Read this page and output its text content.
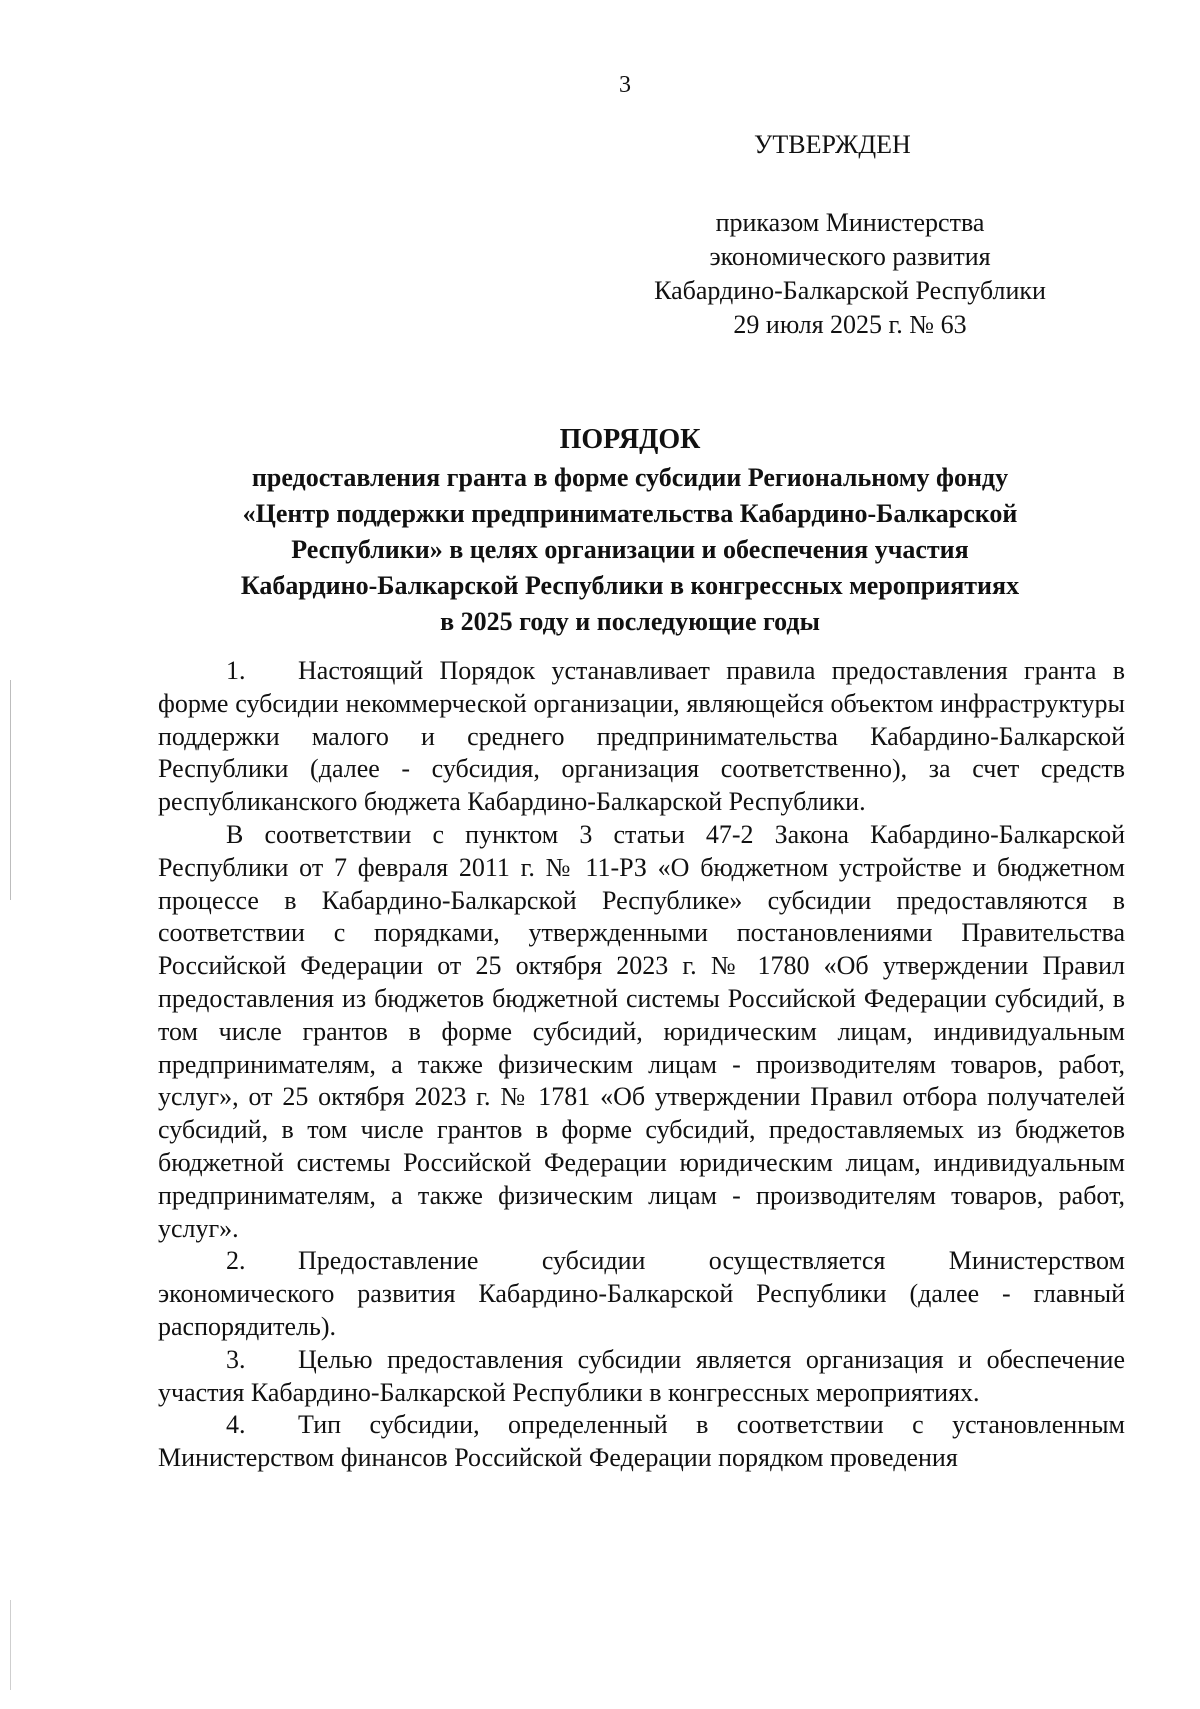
3
УТВЕРЖДЕН
приказом Министерства
экономического развития
Кабардино-Балкарской Республики
29 июля 2025 г. № 63
ПОРЯДОК
предоставления гранта в форме субсидии Региональному фонду
«Центр поддержки предпринимательства Кабардино-Балкарской
Республики» в целях организации и обеспечения участия
Кабардино-Балкарской Республики в конгрессных мероприятиях
в 2025 году и последующие годы

1. Настоящий Порядок устанавливает правила предоставления гранта в форме субсидии некоммерческой организации, являющейся объектом инфраструктуры поддержки малого и среднего предпринимательства Кабардино-Балкарской Республики (далее - субсидия, организация соответственно), за счет средств республиканского бюджета Кабардино-Балкарской Республики.

В соответствии с пунктом 3 статьи 47-2 Закона Кабардино-Балкарской Республики от 7 февраля 2011 г. № 11-РЗ «О бюджетном устройстве и бюджетном процессе в Кабардино-Балкарской Республике» субсидии предоставляются в соответствии с порядками, утвержденными постановлениями Правительства Российской Федерации от 25 октября 2023 г. № 1780 «Об утверждении Правил предоставления из бюджетов бюджетной системы Российской Федерации субсидий, в том числе грантов в форме субсидий, юридическим лицам, индивидуальным предпринимателям, а также физическим лицам - производителям товаров, работ, услуг», от 25 октября 2023 г. № 1781 «Об утверждении Правил отбора получателей субсидий, в том числе грантов в форме субсидий, предоставляемых из бюджетов бюджетной системы Российской Федерации юридическим лицам, индивидуальным предпринимателям, а также физическим лицам - производителям товаров, работ, услуг».

2. Предоставление субсидии осуществляется Министерством экономического развития Кабардино-Балкарской Республики (далее - главный распорядитель).

3. Целью предоставления субсидии является организация и обеспечение участия Кабардино-Балкарской Республики в конгрессных мероприятиях.

4. Тип субсидии, определенный в соответствии с установленным Министерством финансов Российской Федерации порядком проведения
